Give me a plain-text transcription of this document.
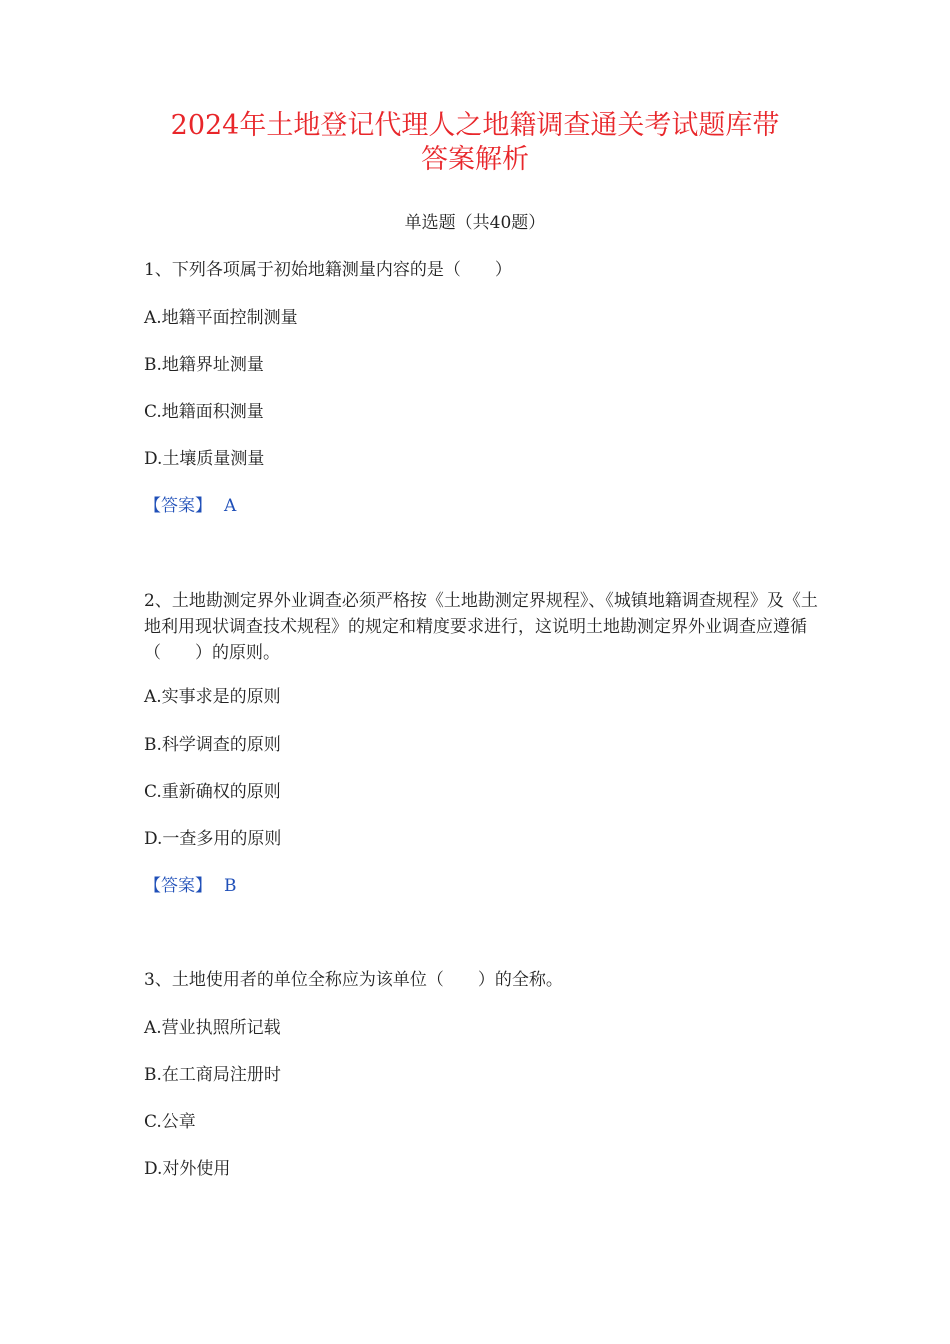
2024年土地登记代理人之地籍调查通关考试题库带
答案解析
单选题（共40题）
1、下列各项属于初始地籍测量内容的是（　　）
A.地籍平面控制测量
B.地籍界址测量
C.地籍面积测量
D.土壤质量测量
【答案】 A
2、土地勘测定界外业调查必须严格按《土地勘测定界规程》、《城镇地籍调查规程》及《土地利用现状调查技术规程》的规定和精度要求进行，这说明土地勘测定界外业调查应遵循（　　）的原则。
A.实事求是的原则
B.科学调查的原则
C.重新确权的原则
D.一查多用的原则
【答案】 B
3、土地使用者的单位全称应为该单位（　　）的全称。
A.营业执照所记载
B.在工商局注册时
C.公章
D.对外使用
